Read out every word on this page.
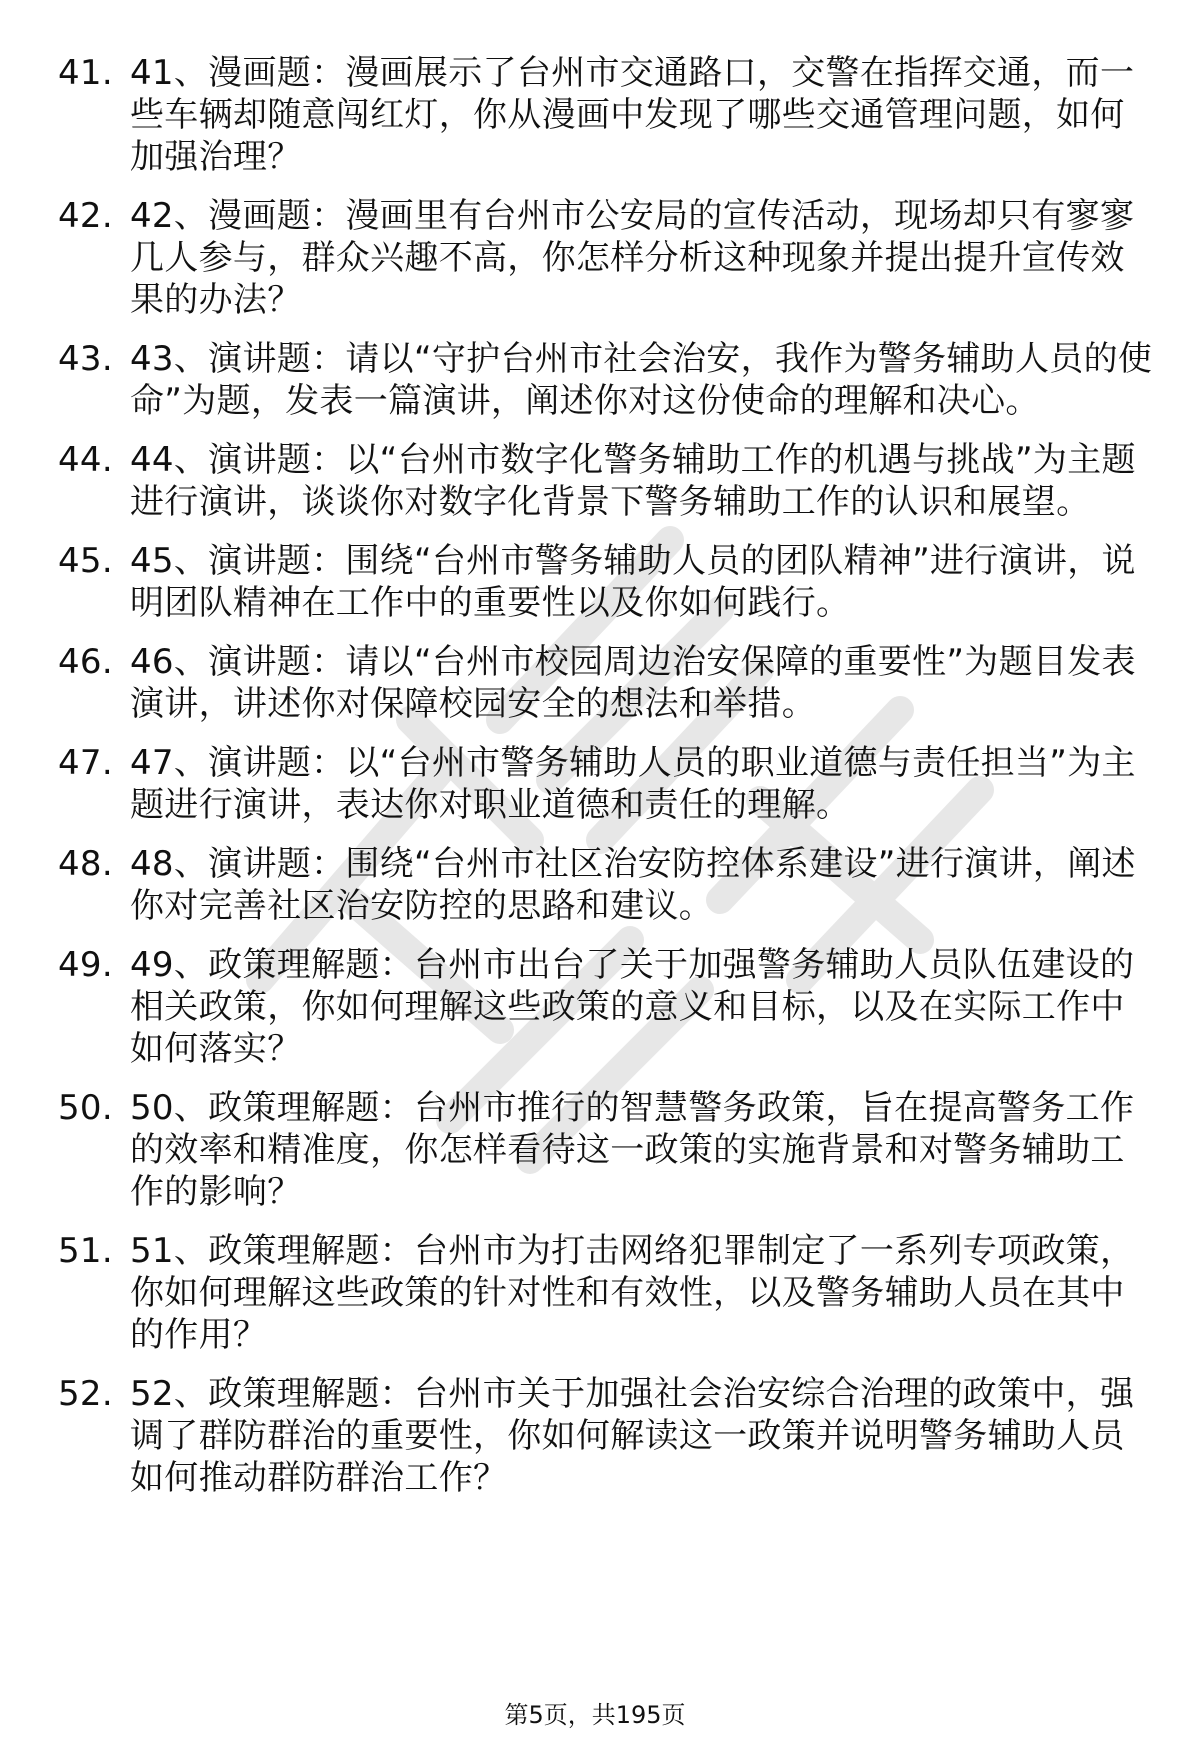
41. 41、漫画题：漫画展示了台州市交通路口，交警在指挥交通，而一些车辆却随意闯红灯，你从漫画中发现了哪些交通管理问题，如何加强治理？
42. 42、漫画题：漫画里有台州市公安局的宣传活动，现场却只有寥寥几人参与，群众兴趣不高，你怎样分析这种现象并提出提升宣传效果的办法？
43. 43、演讲题：请以“守护台州市社会治安，我作为警务辅助人员的使命”为题，发表一篇演讲，阐述你对这份使命的理解和决心。
44. 44、演讲题：以“台州市数字化警务辅助工作的机遇与挑战”为主题进行演讲，谈谈你对数字化背景下警务辅助工作的认识和展望。
45. 45、演讲题：围绕“台州市警务辅助人员的团队精神”进行演讲，说明团队精神在工作中的重要性以及你如何践行。
46. 46、演讲题：请以“台州市校园周边治安保障的重要性”为题目发表演讲，讲述你对保障校园安全的想法和举措。
47. 47、演讲题：以“台州市警务辅助人员的职业道德与责任担当”为主题进行演讲，表达你对职业道德和责任的理解。
48. 48、演讲题：围绕“台州市社区治安防控体系建设”进行演讲，阐述你对完善社区治安防控的思路和建议。
49. 49、政策理解题：台州市出台了关于加强警务辅助人员队伍建设的相关政策，你如何理解这些政策的意义和目标，以及在实际工作中如何落实？
50. 50、政策理解题：台州市推行的智慧警务政策，旨在提高警务工作的效率和精准度，你怎样看待这一政策的实施背景和对警务辅助工作的影响？
51. 51、政策理解题：台州市为打击网络犯罪制定了一系列专项政策，你如何理解这些政策的针对性和有效性，以及警务辅助人员在其中的作用？
52. 52、政策理解题：台州市关于加强社会治安综合治理的政策中，强调了群防群治的重要性，你如何解读这一政策并说明警务辅助人员如何推动群防群治工作？
第5页，共195页
